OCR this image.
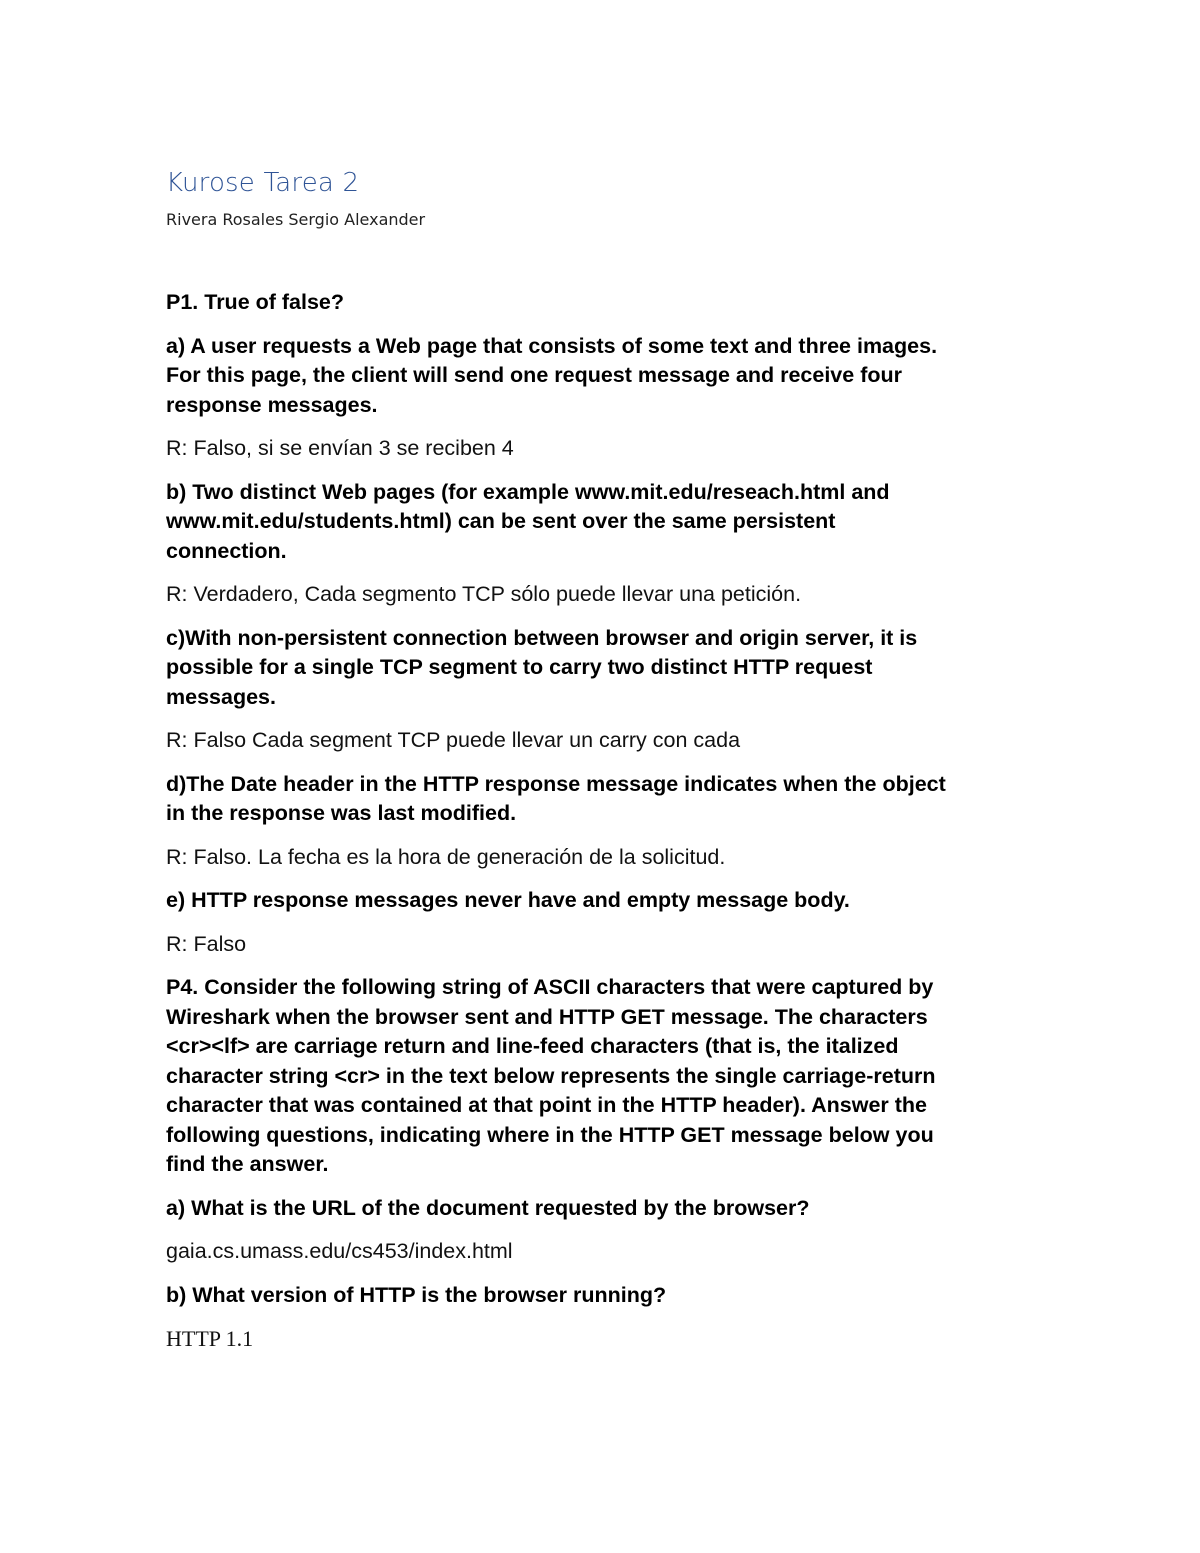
Kurose Tarea 2

Rivera Rosales Sergio Alexander

P1. True of false?

a) A user requests a Web page that consists of some text and three images.
For this page, the client will send one request message and receive four
response messages.

R: Falso, si se envían 3 se reciben 4

b) Two distinct Web pages (for example www.mit.edu/reseach.html and
www.mit.edu/students.html) can be sent over the same persistent
connection.

R: Verdadero, Cada segmento TCP sólo puede llevar una petición.

c)With non-persistent connection between browser and origin server, it is
possible for a single TCP segment to carry two distinct HTTP request
messages.

R: Falso Cada segment TCP puede llevar un carry con cada

d)The Date header in the HTTP response message indicates when the object
in the response was last modified.

R: Falso. La fecha es la hora de generación de la solicitud.

e) HTTP response messages never have and empty message body.

R: Falso

P4. Consider the following string of ASCII characters that were captured by
Wireshark when the browser sent and HTTP GET message. The characters
<cr><lf> are carriage return and line-feed characters (that is, the italized
character string <cr> in the text below represents the single carriage-return
character that was contained at that point in the HTTP header). Answer the
following questions, indicating where in the HTTP GET message below you
find the answer.

a) What is the URL of the document requested by the browser?

gaia.cs.umass.edu/cs453/index.html

b) What version of HTTP is the browser running?

HTTP 1.1
